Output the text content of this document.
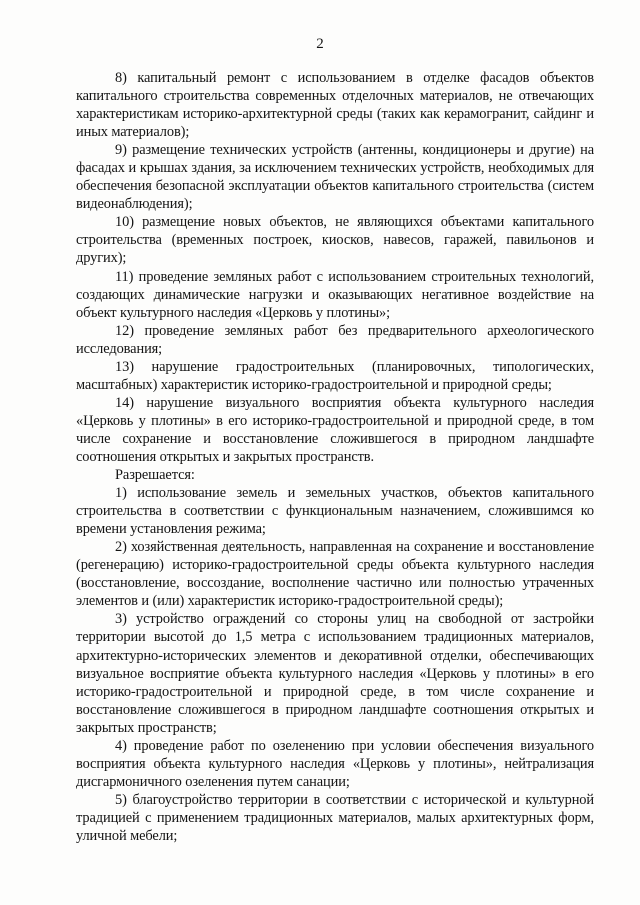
2

8) капитальный ремонт с использованием в отделке фасадов объектов капитального строительства современных отделочных материалов, не отвечающих характеристикам историко-архитектурной среды (таких как керамогранит, сайдинг и иных материалов);

9) размещение технических устройств (антенны, кондиционеры и другие) на фасадах и крышах здания, за исключением технических устройств, необходимых для обеспечения безопасной эксплуатации объектов капитального строительства (систем видеонаблюдения);

10) размещение новых объектов, не являющихся объектами капитального строительства (временных построек, киосков, навесов, гаражей, павильонов и других);

11) проведение земляных работ с использованием строительных технологий, создающих динамические нагрузки и оказывающих негативное воздействие на объект культурного наследия «Церковь у плотины»;

12) проведение земляных работ без предварительного археологического исследования;

13) нарушение градостроительных (планировочных, типологических, масштабных) характеристик историко-градостроительной и природной среды;

14) нарушение визуального восприятия объекта культурного наследия «Церковь у плотины» в его историко-градостроительной и природной среде, в том числе сохранение и восстановление сложившегося в природном ландшафте соотношения открытых и закрытых пространств.

Разрешается:

1) использование земель и земельных участков, объектов капитального строительства в соответствии с функциональным назначением, сложившимся ко времени установления режима;

2) хозяйственная деятельность, направленная на сохранение и восстановление (регенерацию) историко-градостроительной среды объекта культурного наследия (восстановление, воссоздание, восполнение частично или полностью утраченных элементов и (или) характеристик историко-градостроительной среды);

3) устройство ограждений со стороны улиц на свободной от застройки территории высотой до 1,5 метра с использованием традиционных материалов, архитектурно-исторических элементов и декоративной отделки, обеспечивающих визуальное восприятие объекта культурного наследия «Церковь у плотины» в его историко-градостроительной и природной среде, в том числе сохранение и восстановление сложившегося в природном ландшафте соотношения открытых и закрытых пространств;

4) проведение работ по озеленению при условии обеспечения визуального восприятия объекта культурного наследия «Церковь у плотины», нейтрализация дисгармоничного озеленения путем санации;

5) благоустройство территории в соответствии с исторической и культурной традицией с применением традиционных материалов, малых архитектурных форм, уличной мебели;
